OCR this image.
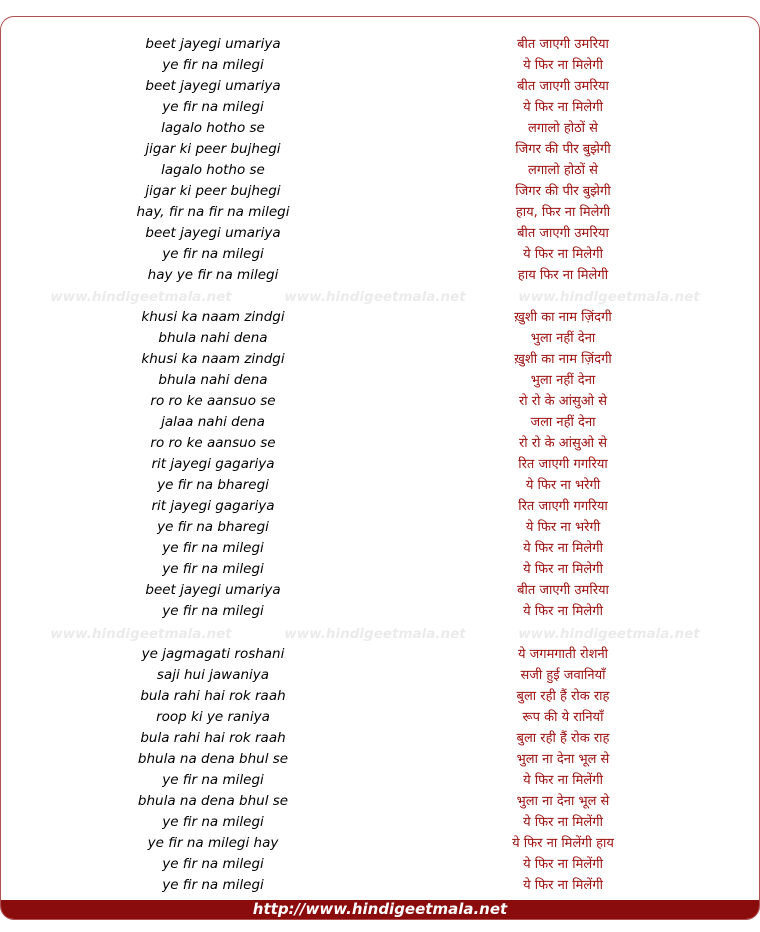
beet jayegi umariya	बीत जाएगी उमरिया
ye fir na milegi	ये फिर ना मिलेगी
beet jayegi umariya	बीत जाएगी उमरिया
ye fir na milegi	ये फिर ना मिलेगी
lagalo hotho se	लगालो होठों से
jigar ki peer bujhegi	जिगर की पीर बुझेगी
lagalo hotho se	लगालो होठों से
jigar ki peer bujhegi	जिगर की पीर बुझेगी
hay, fir na fir na milegi	हाय, फिर ना मिलेगी
beet jayegi umariya	बीत जाएगी उमरिया
ye fir na milegi	ये फिर ना मिलेगी
hay ye fir na milegi	हाय फिर ना मिलेगी
khusi ka naam zindgi	ख़ुशी का नाम ज़िंदगी
bhula nahi dena	भुला नहीं देना
khusi ka naam zindgi	ख़ुशी का नाम ज़िंदगी
bhula nahi dena	भुला नहीं देना
ro ro ke aansuo se	रो रो के आंसुओ से
jalaa nahi dena	जला नहीं देना
ro ro ke aansuo se	रो रो के आंसुओ से
rit jayegi gagariya	रित जाएगी गगरिया
ye fir na bharegi	ये फिर ना भरेगी
rit jayegi gagariya	रित जाएगी गगरिया
ye fir na bharegi	ये फिर ना भरेगी
ye fir na milegi	ये फिर ना मिलेगी
ye fir na milegi	ये फिर ना मिलेगी
beet jayegi umariya	बीत जाएगी उमरिया
ye fir na milegi	ये फिर ना मिलेगी
ye jagmagati roshani	ये जगमगाती रोशनी
saji hui jawaniya	सजी हुई जवानियाँ
bula rahi hai rok raah	बुला रही हैं रोक राह
roop ki ye raniya	रूप की ये रानियाँ
bula rahi hai rok raah	बुला रही हैं रोक राह
bhula na dena bhul se	भुला ना देना भूल से
ye fir na milegi	ये फिर ना मिलेंगी
bhula na dena bhul se	भुला ना देना भूल से
ye fir na milegi	ये फिर ना मिलेंगी
ye fir na milegi hay	ये फिर ना मिलेंगी हाय
ye fir na milegi	ये फिर ना मिलेंगी
ye fir na milegi	ये फिर ना मिलेंगी
www.hindigeetmala.net	www.hindigeetmala.net	www.hindigeetmala.net
www.hindigeetmala.net	www.hindigeetmala.net	www.hindigeetmala.net
http://www.hindigeetmala.net
